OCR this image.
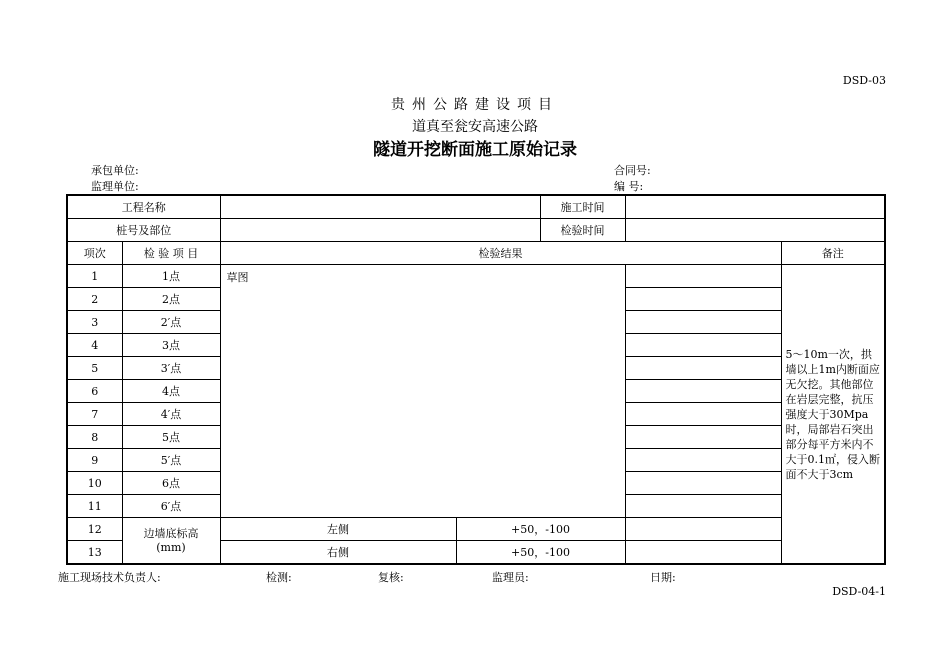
DSD-03
贵州公路建设项目
道真至瓮安高速公路
隧道开挖断面施工原始记录
承包单位:
监理单位:
合同号:
编 号:
工程名称				施工时间		
桩号及部位				检验时间		
项次	检 验 项 目	检验结果				备注
1	1点	草图				5～10m一次，拱墙以上1m内断面应无欠挖。其他部位在岩层完整，抗压强度大于30Mpa时，局部岩石突出部分每平方米内不大于0.1㎡，侵入断面不大于3cm
2	2点					
3	2′点					
4	3点					
5	3′点					
6	4点					
7	4′点					
8	5点					
9	5′点					
10	6点					
11	6′点					
12	边墙底标高(mm)	左侧	+50，-100			
13		右侧	+50，-100			
施工现场技术负责人:	检测:	复核:	监理员:	日期:
DSD-04-1
